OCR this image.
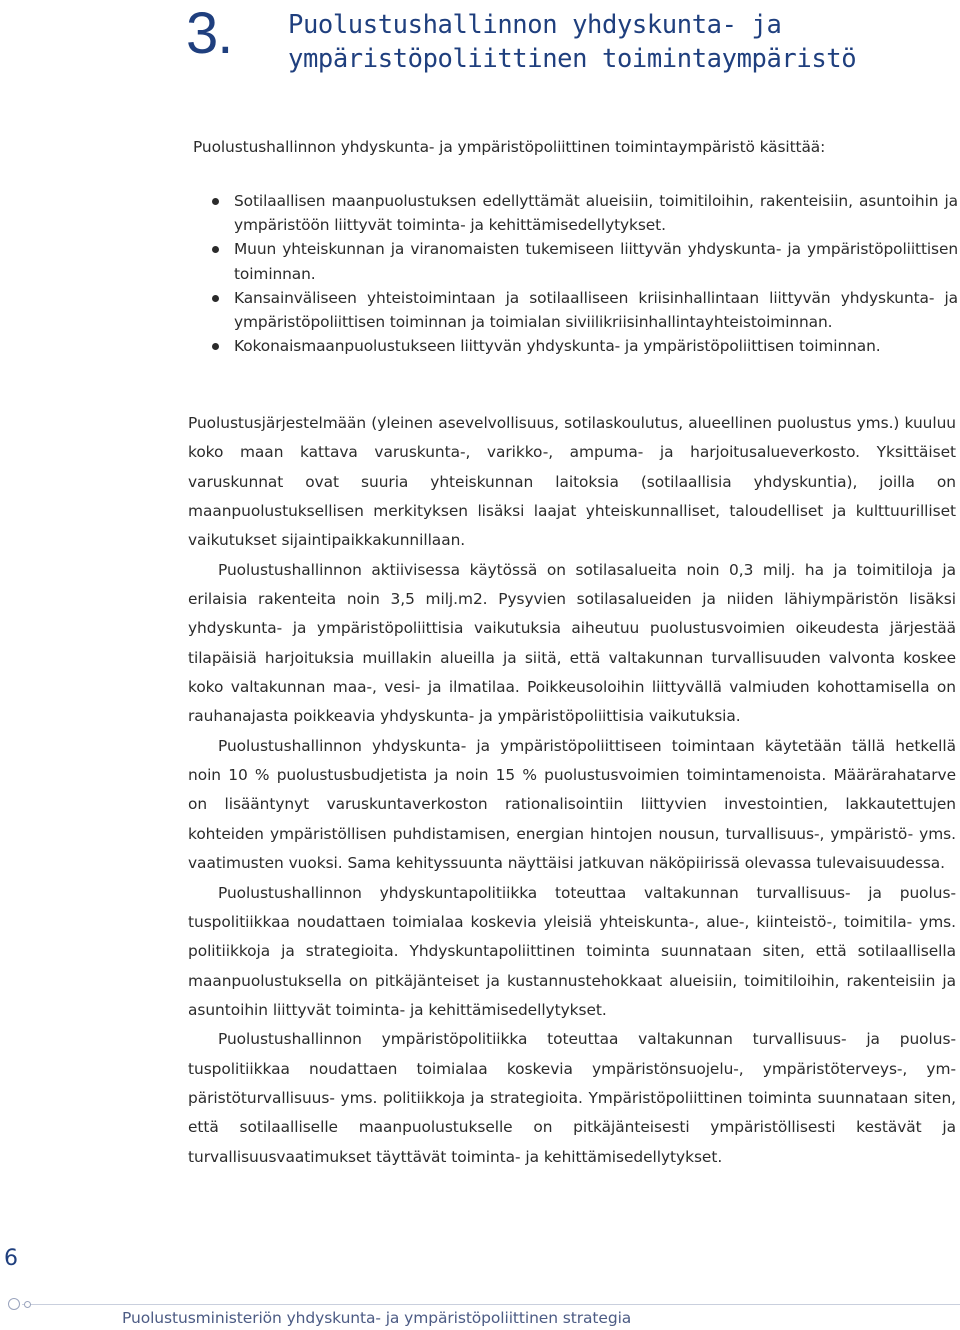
3. Puolustushallinnon yhdyskunta- ja
ympäristöpoliittinen toimintaympäristö
Puolustushallinnon yhdyskunta- ja ympäristöpoliittinen toimintaympäristö käsittää:
Sotilaallisen maanpuolustuksen edellyttämät alueisiin, toimitiloihin, rakenteisiin, asuntoihin ja ympäristöön liittyvät toiminta- ja kehittämisedellytykset.
Muun yhteiskunnan ja viranomaisten tukemiseen liittyvän yhdyskunta- ja ympäristöpoliittisen toiminnan.
Kansainväliseen yhteistoimintaan ja sotilaalliseen kriisinhallintaan liittyvän yhdyskunta- ja ympäristöpoliittisen toiminnan ja toimialan siviilikriisinhallintayhteistoiminnan.
Kokonaismaanpuolustukseen liittyvän yhdyskunta- ja ympäristöpoliittisen toiminnan.

Puolustusjärjestelmään (yleinen asevelvollisuus, sotilaskoulutus, alueellinen puolustus yms.) kuuluu koko maan kattava varuskunta-, varikko-, ampuma- ja harjoitusalueverkosto. Yksittäiset varuskunnat ovat suuria yhteiskunnan laitoksia (sotilaallisia yhdyskuntia), joilla on maanpuolustuksellisen merkityksen lisäksi laajat yhteiskunnalliset, taloudelliset ja kulttuurilliset vaikutukset sijaintipaikkakunnillaan.

Puolustushallinnon aktiivisessa käytössä on sotilasalueita noin 0,3 milj. ha ja toimitiloja ja erilaisia rakenteita noin 3,5 milj.m2. Pysyvien sotilasalueiden ja niiden lähiympäristön lisäksi yhdyskunta- ja ympäristöpoliittisia vaikutuksia aiheutuu puolustusvoimien oikeudesta järjestää tilapäisiä harjoituksia muillakin alueilla ja siitä, että valtakunnan turvallisuuden valvonta koskee koko valtakunnan maa-, vesi- ja ilmatilaa. Poikkeusoloihin liittyvällä valmiuden kohottamisella on rauhanajasta poikkeavia yhdyskunta- ja ympäristöpoliittisia vaikutuksia.

Puolustushallinnon yhdyskunta- ja ympäristöpoliittiseen toimintaan käytetään tällä hetkellä noin 10 % puolustusbudjetista ja noin 15 % puolustusvoimien toimintamenoista. Määrärahatarve on lisääntynyt varuskuntaverkoston rationalisointiin liittyvien investointien, lakkautettujen kohteiden ympäristöllisen puhdistamisen, energian hintojen nousun, turvallisuus-, ympäristö- yms. vaatimusten vuoksi. Sama kehityssuunta näyttäisi jatkuvan näköpiirissä olevassa tulevaisuudessa.

Puolustushallinnon yhdyskuntapolitiikka toteuttaa valtakunnan turvallisuus- ja puolustuspolitiikkaa noudattaen toimialaa koskevia yleisiä yhteiskunta-, alue-, kiinteistö-, toimitila- yms. politiikkoja ja strategioita. Yhdyskuntapoliittinen toiminta suunnataan siten, että sotilaallisella maanpuolustuksella on pitkäjänteiset ja kustannustehokkaat alueisiin, toimitiloihin, rakenteisiin ja asuntoihin liittyvät toiminta- ja kehittämisedellytykset.

Puolustushallinnon ympäristöpolitiikka toteuttaa valtakunnan turvallisuus- ja puolustuspolitiikkaa noudattaen toimialaa koskevia ympäristönsuojelu-, ympäristöterveys-, ympäristöturvallisuus- yms. politiikkoja ja strategioita. Ympäristöpoliittinen toiminta suunnataan siten, että sotilaalliselle maanpuolustukselle on pitkäjänteisesti ympäristöllisesti kestävät ja turvallisuusvaatimukset täyttävät toiminta- ja kehittämisedellytykset.

6
Puolustusministeriön yhdyskunta- ja ympäristöpoliittinen strategia
